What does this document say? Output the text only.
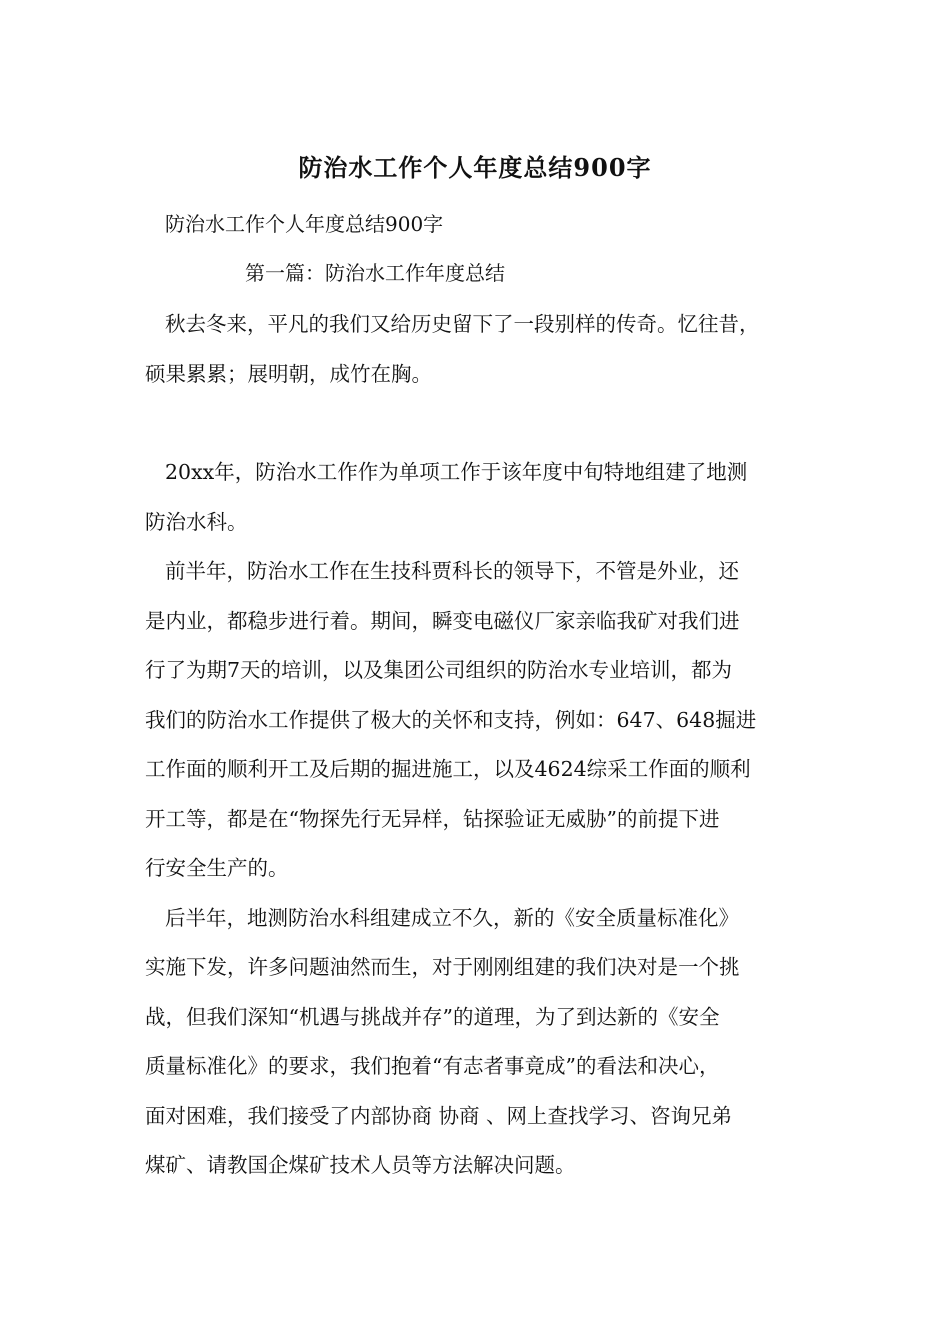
防治水工作个人年度总结900字
防治水工作个人年度总结900字
第一篇：防治水工作年度总结
秋去冬来，平凡的我们又给历史留下了一段别样的传奇。忆往昔，
硕果累累；展明朝，成竹在胸。
20xx年，防治水工作作为单项工作于该年度中旬特地组建了地测
防治水科。
前半年，防治水工作在生技科贾科长的领导下，不管是外业，还
是内业，都稳步进行着。期间，瞬变电磁仪厂家亲临我矿对我们进
行了为期7天的培训，以及集团公司组织的防治水专业培训，都为
我们的防治水工作提供了极大的关怀和支持，例如：647、648掘进
工作面的顺利开工及后期的掘进施工，以及4624综采工作面的顺利
开工等，都是在“物探先行无异样，钻探验证无威胁”的前提下进
行安全生产的。
后半年，地测防治水科组建成立不久，新的《安全质量标准化》
实施下发，许多问题油然而生，对于刚刚组建的我们决对是一个挑
战，但我们深知“机遇与挑战并存”的道理，为了到达新的《安全
质量标准化》的要求，我们抱着“有志者事竟成”的看法和决心，
面对困难，我们接受了内部协商 协商 、网上查找学习、咨询兄弟
煤矿、请教国企煤矿技术人员等方法解决问题。
